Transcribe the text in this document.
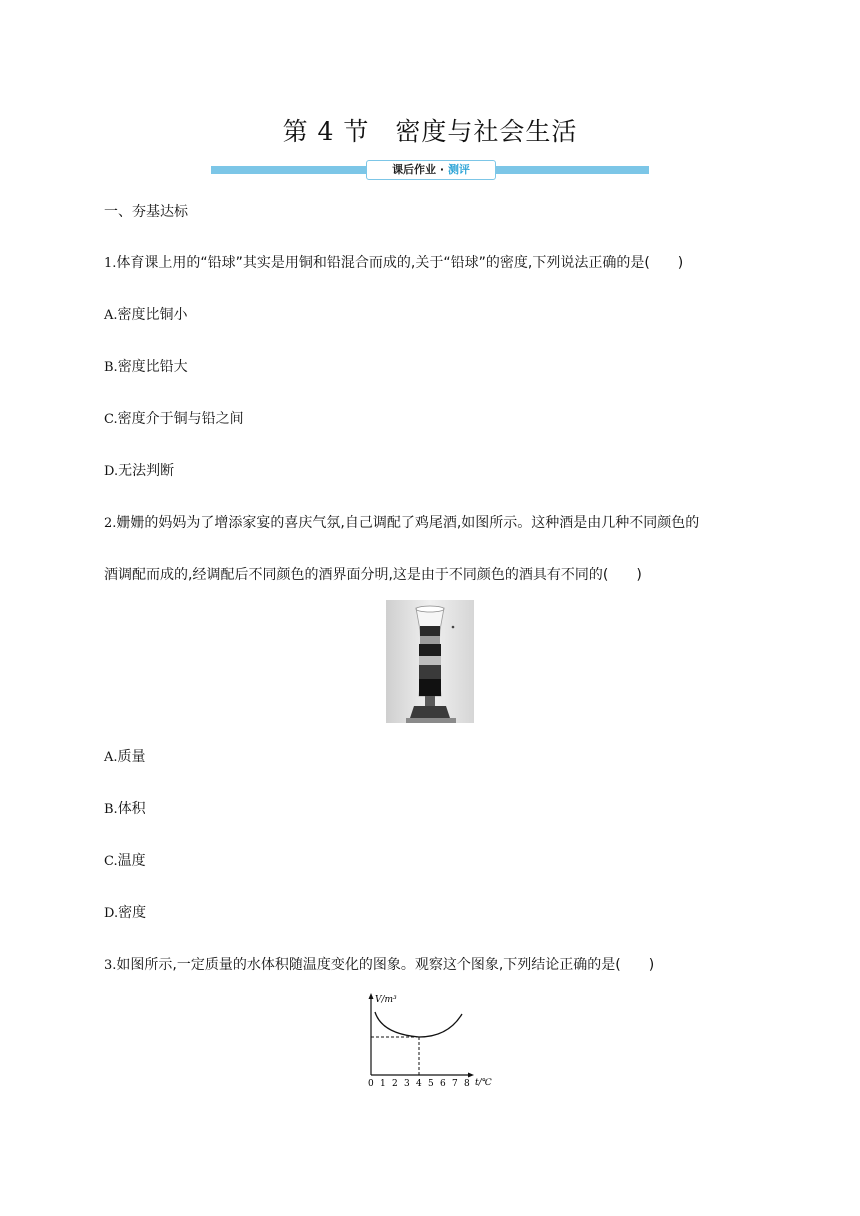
第 4 节　密度与社会生活
课后作业 · 测评
一、夯基达标
1.体育课上用的“铅球”其实是用铜和铅混合而成的,关于“铅球”的密度,下列说法正确的是(　　)
A.密度比铜小
B.密度比铅大
C.密度介于铜与铅之间
D.无法判断
2.姗姗的妈妈为了增添家宴的喜庆气氛,自己调配了鸡尾酒,如图所示。这种酒是由几种不同颜色的
酒调配而成的,经调配后不同颜色的酒界面分明,这是由于不同颜色的酒具有不同的(　　)
A.质量
B.体积
C.温度
D.密度
3.如图所示,一定质量的水体积随温度变化的图象。观察这个图象,下列结论正确的是(　　)
V/m³
0 1 2 3 4 5 6 7 8 t/℃
